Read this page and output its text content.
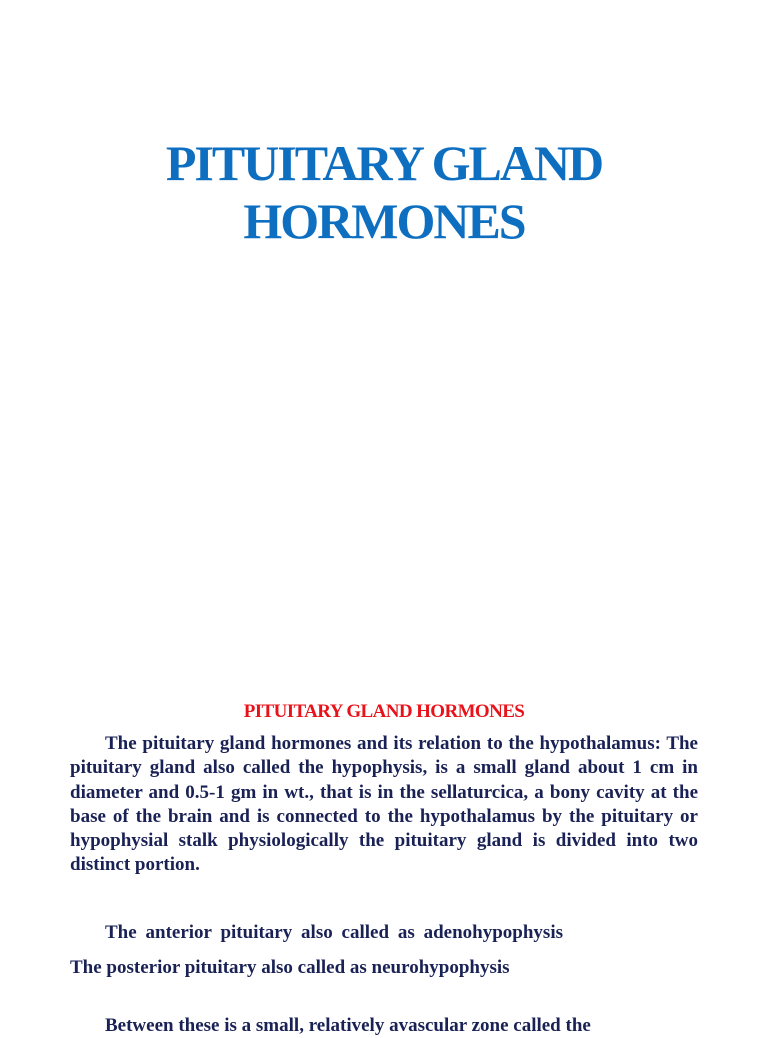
PITUITARY GLAND
HORMONES
PITUITARY GLAND HORMONES

The pituitary gland hormones and its relation to the hypothalamus: The pituitary gland also called the hypophysis, is a small gland about 1 cm in diameter and 0.5-1 gm in wt., that is in the sellaturcica, a bony cavity at the base of the brain and is connected to the hypothalamus by the pituitary or hypophysial stalk physiologically the pituitary gland is divided into two distinct portion.

The anterior pituitary also called as adenohypophysis The posterior pituitary also called as neurohypophysis

Between these is a small, relatively avascular zone called the
